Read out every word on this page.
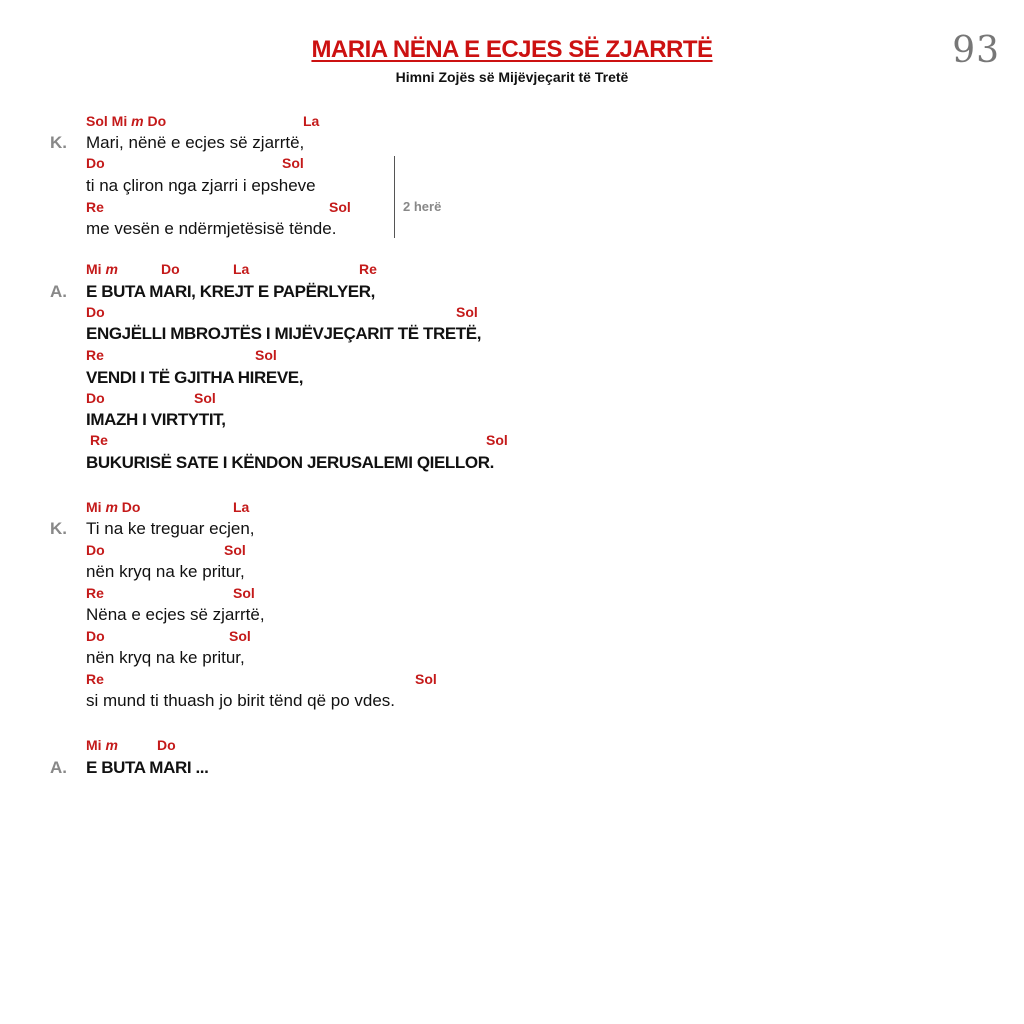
93
MARIA NËNA E ECJES SË ZJARRTË
Himni Zojës së Mijëvjeçarit të Tretë
Sol Mi m Do	La
K. Mari, nënë e ecjes së zjarrtë,
Do	Sol
ti na çliron nga zjarri i epsheve
Re	Sol
me vesën e ndërmjetësisë tënde.
2 herë
Mi m	Do	La	Re
A. E BUTA MARI, KREJT E PAPËRLYER,
Do	Sol
ENGJËLLI MBROJTËS I MIJËVJEÇARIT TË TRETË,
Re	Sol
VENDI I TË GJITHA HIREVE,
Do	Sol
IMAZH I VIRTYTIT,
Re	Sol
BUKURISË SATE I KËNDON JERUSALEMI QIELLOR.
Mi m Do	La
K. Ti na ke treguar ecjen,
Do	Sol
nën kryq na ke pritur,
Re	Sol
Nëna e ecjes së zjarrtë,
Do	Sol
nën kryq na ke pritur,
Re	Sol
si mund ti thuash jo birit tënd që po vdes.
Mi m	Do
A. E BUTA MARI ...
